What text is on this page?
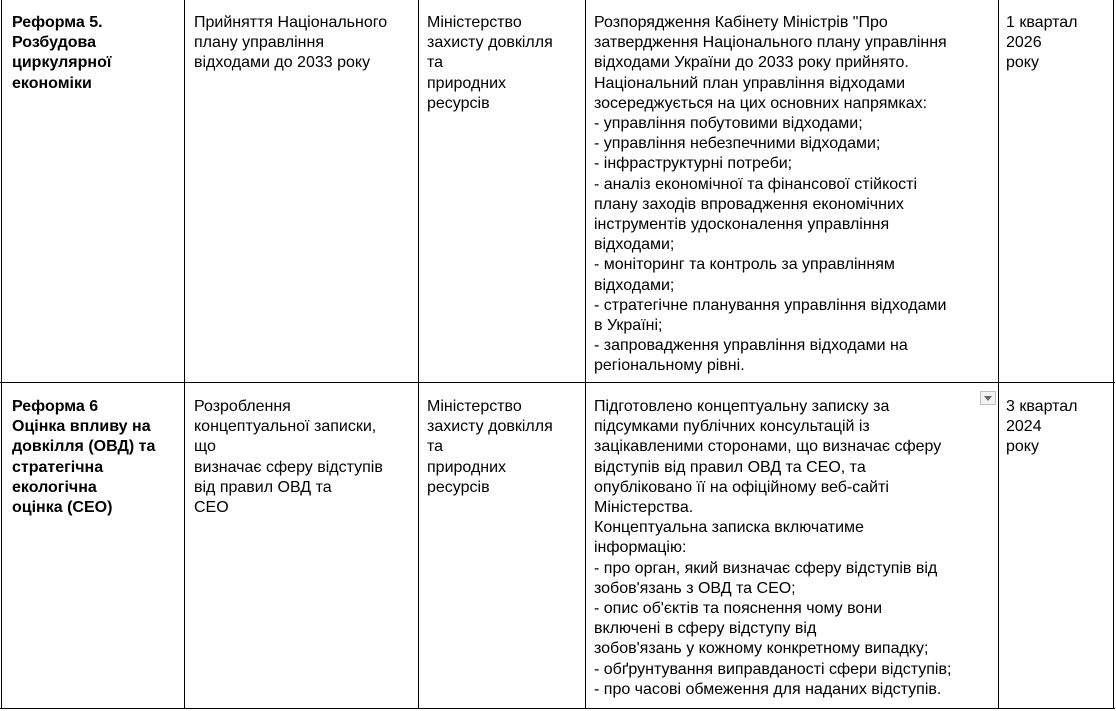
Реформа 5.
Розбудова
циркулярної
економіки
Прийняття Національного
плану управління
відходами до 2033 року
Міністерство
захисту довкілля
та
природних
ресурсів
Розпорядження Кабінету Міністрів "Про
затвердження Національного плану управління
відходами України до 2033 року прийнято.
Національний план управління відходами
зосереджується на цих основних напрямках:
- управління побутовими відходами;
- управління небезпечними відходами;
- інфраструктурні потреби;
- аналіз економічної та фінансової стійкості
плану заходів впровадження економічних
інструментів удосконалення управління
відходами;
- моніторинг та контроль за управлінням
відходами;
- стратегічне планування управління відходами
в Україні;
- запровадження управління відходами на
регіональному рівні.
1 квартал
2026
року
Реформа 6
Оцінка впливу на
довкілля (ОВД) та
стратегічна
екологічна
оцінка (СЕО)
Розроблення
концептуальної записки,
що
визначає сферу відступів
від правил ОВД та
СЕО
Міністерство
захисту довкілля
та
природних
ресурсів
Підготовлено концептуальну записку за
підсумками публічних консультацій із
зацікавленими сторонами, що визначає сферу
відступів від правил ОВД та СЕО, та
опубліковано її на офіційному веб-сайті
Міністерства.
Концептуальна записка включатиме
інформацію:
- про орган, який визначає сферу відступів від
зобов'язань з ОВД та СЕО;
- опис об'єктів та пояснення чому вони
включені в сферу відступу від
зобов'язань у кожному конкретному випадку;
- обґрунтування виправданості сфери відступів;
- про часові обмеження для наданих відступів.
3 квартал
2024
року
